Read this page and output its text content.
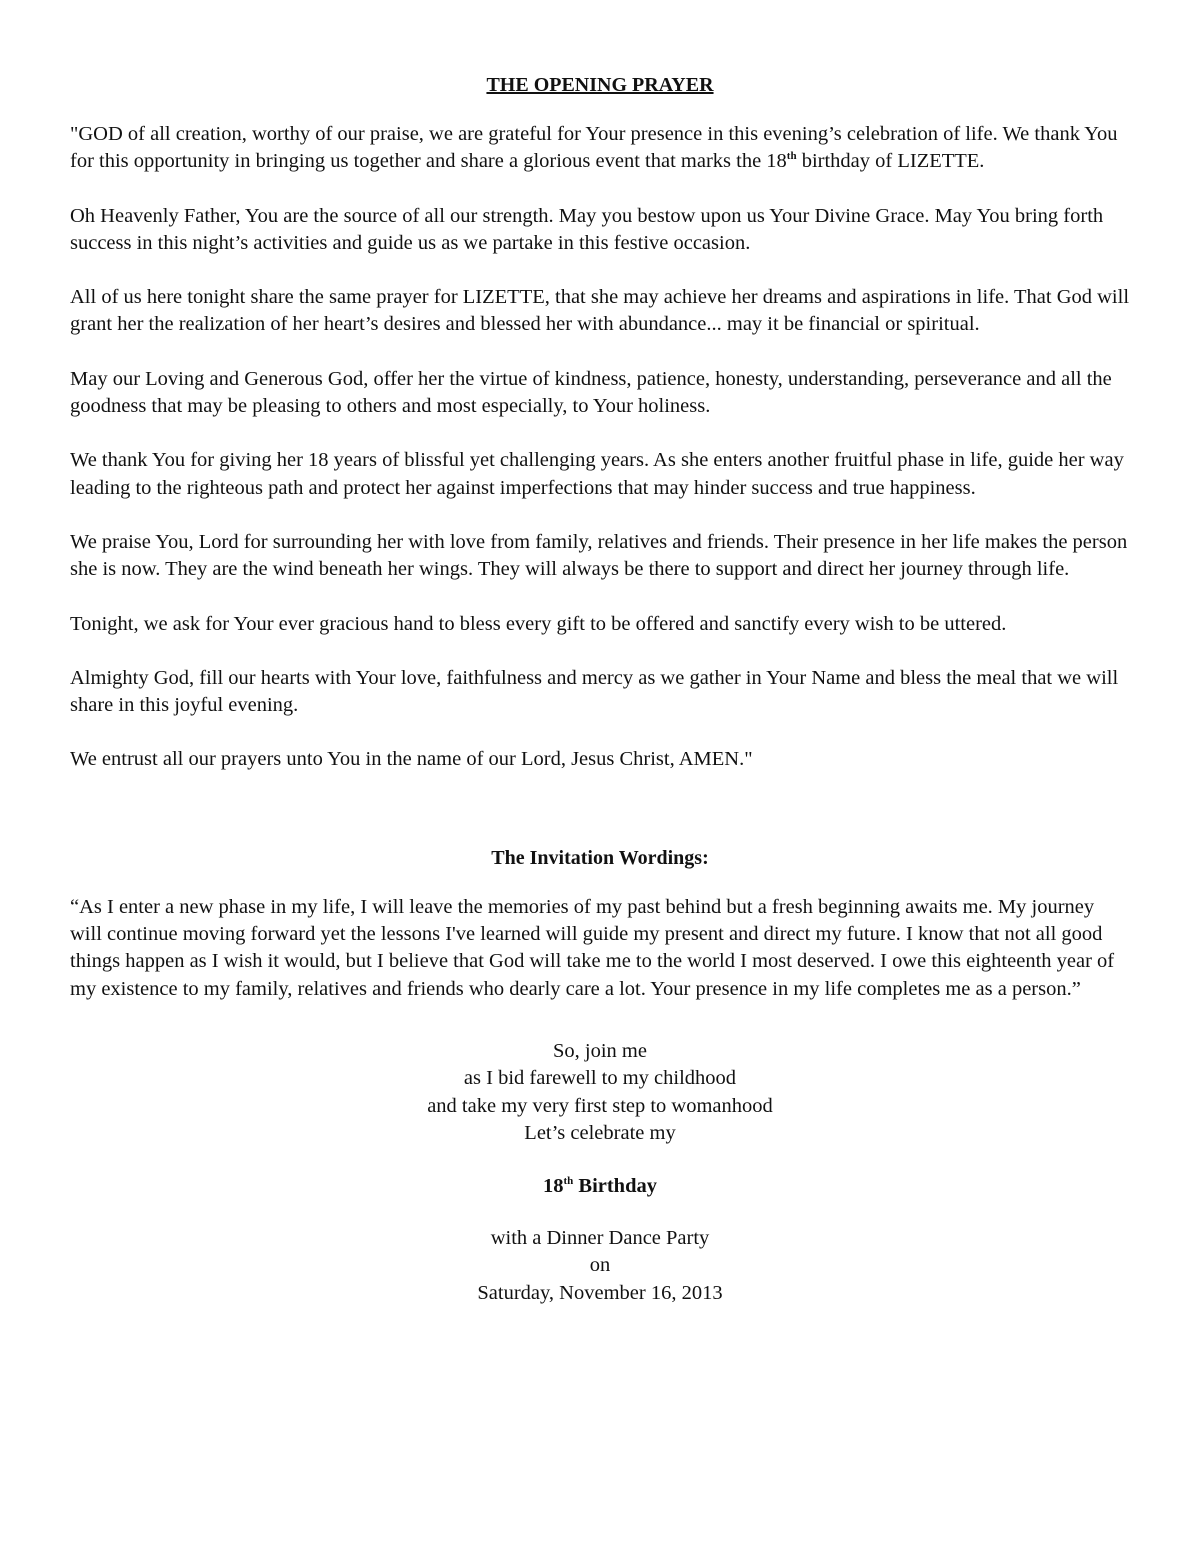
THE OPENING PRAYER

"GOD of all creation, worthy of our praise, we are grateful for Your presence in this evening’s celebration of life. We thank You for this opportunity in bringing us together and share a glorious event that marks the 18th birthday of LIZETTE.

Oh Heavenly Father, You are the source of all our strength. May you bestow upon us Your Divine Grace. May You bring forth success in this night’s activities and guide us as we partake in this festive occasion.

All of us here tonight share the same prayer for LIZETTE, that she may achieve her dreams and aspirations in life. That God will grant her the realization of her heart’s desires and blessed her with abundance... may it be financial or spiritual.

May our Loving and Generous God, offer her the virtue of kindness, patience, honesty, understanding, perseverance and all the goodness that may be pleasing to others and most especially, to Your holiness.

We thank You for giving her 18 years of blissful yet challenging years. As she enters another fruitful phase in life, guide her way leading to the righteous path and protect her against imperfections that may hinder success and true happiness.

We praise You, Lord for surrounding her with love from family, relatives and friends. Their presence in her life makes the person she is now. They are the wind beneath her wings. They will always be there to support and direct her journey through life.

Tonight, we ask for Your ever gracious hand to bless every gift to be offered and sanctify every wish to be uttered.

Almighty God, fill our hearts with Your love, faithfulness and mercy as we gather in Your Name and bless the meal that we will share in this joyful evening.

We entrust all our prayers unto You in the name of our Lord, Jesus Christ, AMEN."

The Invitation Wordings:

“As I enter a new phase in my life, I will leave the memories of my past behind but a fresh beginning awaits me. My journey will continue moving forward yet the lessons I've learned will guide my present and direct my future. I know that not all good things happen as I wish it would, but I believe that God will take me to the world I most deserved. I owe this eighteenth year of my existence to my family, relatives and friends who dearly care a lot. Your presence in my life completes me as a person.”

So, join me
as I bid farewell to my childhood
and take my very first step to womanhood
Let’s celebrate my
18th Birthday
with a Dinner Dance Party
on
Saturday, November 16, 2013
